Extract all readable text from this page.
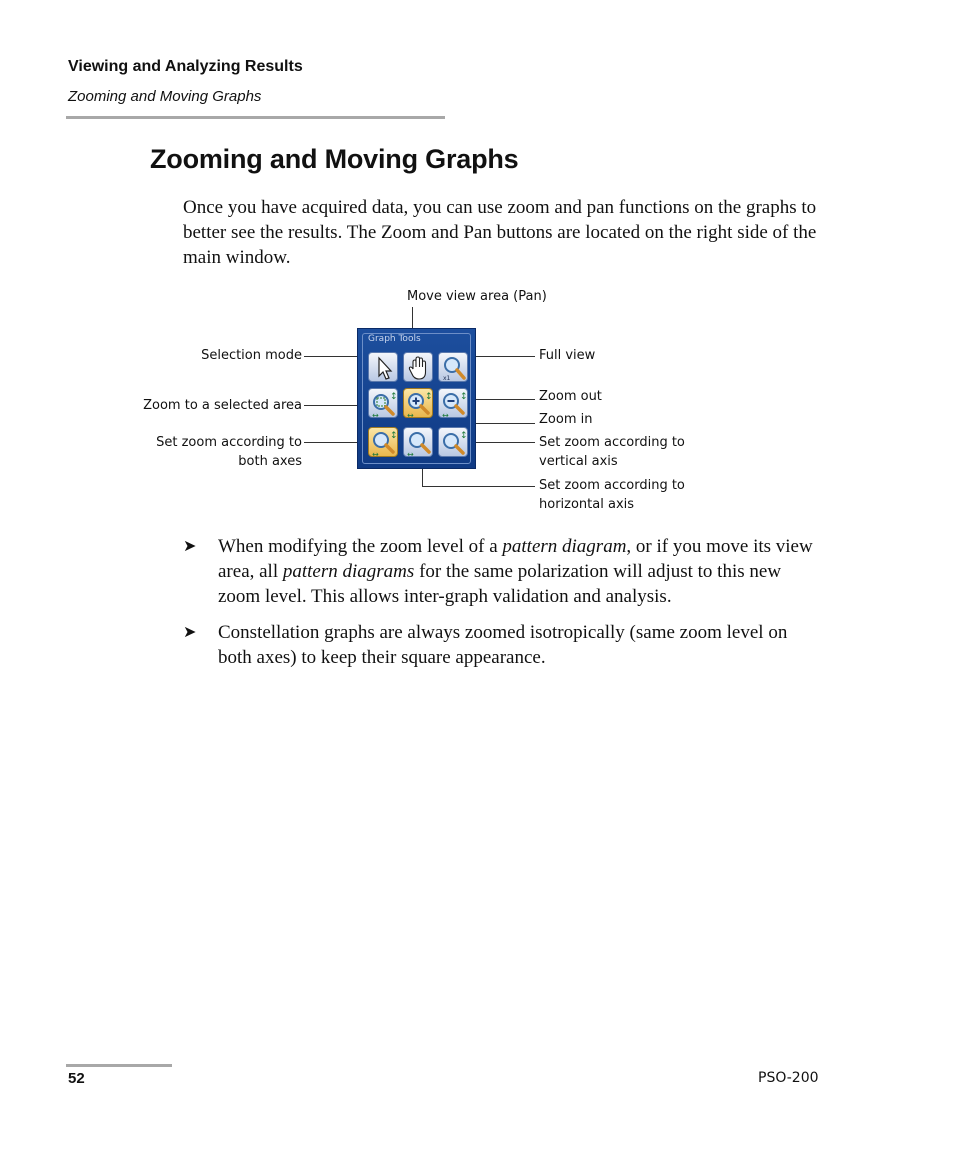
Viewing and Analyzing Results
Zooming and Moving Graphs
Zooming and Moving Graphs
Once you have acquired data, you can use zoom and pan functions on the graphs to better see the results. The Zoom and Pan buttons are located on the right side of the main window.
Move view area (Pan)
Selection mode	Full view
Zoom to a selected area
Zoom out
Zoom in
Set zoom according to
both axes
Set zoom according to
vertical axis
Set zoom according to
horizontal axis
Graph Tools
x1
↕
↔
↕
↔
↕
↔
↕
↔	↔
↕
➤ When modifying the zoom level of a pattern diagram, or if you move its view area, all pattern diagrams for the same polarization will adjust to this new zoom level. This allows inter-graph validation and analysis.
➤ Constellation graphs are always zoomed isotropically (same zoom level on both axes) to keep their square appearance.
52	PSO-200
